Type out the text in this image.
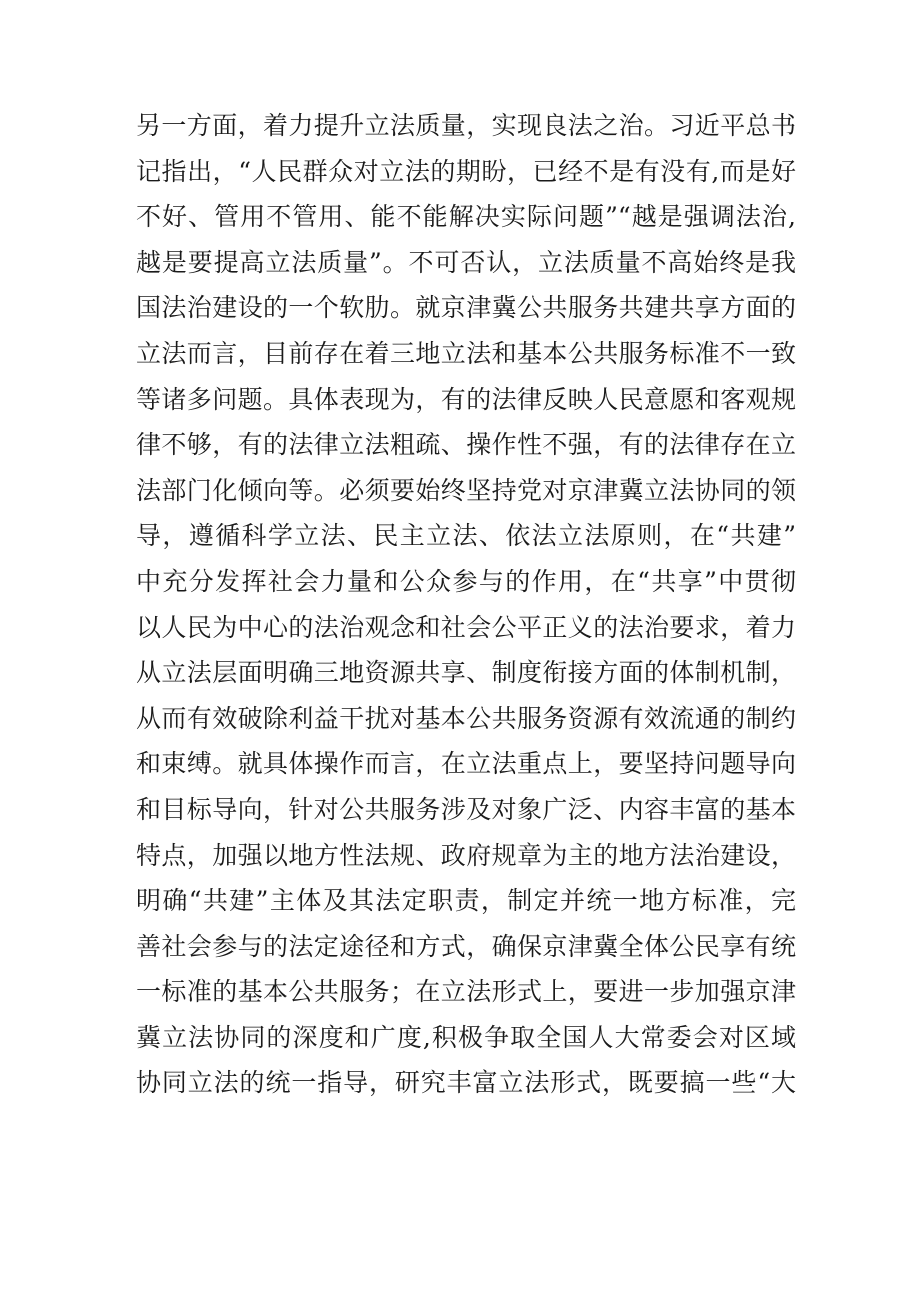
另一方面，着力提升立法质量，实现良法之治。习近平总书
记指出，“人民群众对立法的期盼，已经不是有没有,而是好
不好、管用不管用、能不能解决实际问题”“越是强调法治,
越是要提高立法质量”。不可否认，立法质量不高始终是我
国法治建设的一个软肋。就京津冀公共服务共建共享方面的
立法而言，目前存在着三地立法和基本公共服务标准不一致
等诸多问题。具体表现为，有的法律反映人民意愿和客观规
律不够，有的法律立法粗疏、操作性不强，有的法律存在立
法部门化倾向等。必须要始终坚持党对京津冀立法协同的领
导，遵循科学立法、民主立法、依法立法原则，在“共建”
中充分发挥社会力量和公众参与的作用，在“共享”中贯彻
以人民为中心的法治观念和社会公平正义的法治要求，着力
从立法层面明确三地资源共享、制度衔接方面的体制机制，
从而有效破除利益干扰对基本公共服务资源有效流通的制约
和束缚。就具体操作而言，在立法重点上，要坚持问题导向
和目标导向，针对公共服务涉及对象广泛、内容丰富的基本
特点，加强以地方性法规、政府规章为主的地方法治建设，
明确“共建”主体及其法定职责，制定并统一地方标准，完
善社会参与的法定途径和方式，确保京津冀全体公民享有统
一标准的基本公共服务；在立法形式上，要进一步加强京津
冀立法协同的深度和广度,积极争取全国人大常委会对区域
协同立法的统一指导，研究丰富立法形式，既要搞一些“大
